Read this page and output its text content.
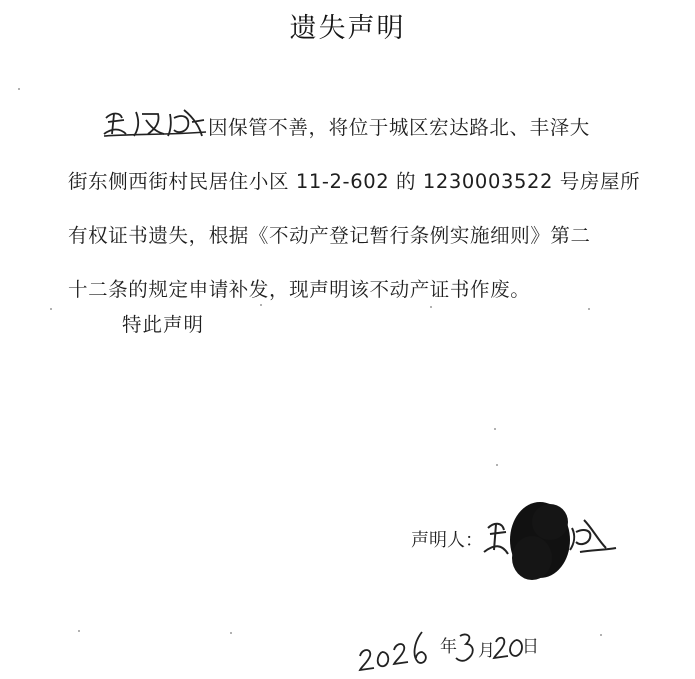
遗失声明
因保管不善，将位于城区宏达路北、丰泽大
街东侧西街村民居住小区 11-2-602 的 1230003522 号房屋所
有权证书遗失，根据《不动产登记暂行条例实施细则》第二
十二条的规定申请补发，现声明该不动产证书作废。
特此声明
声明人：
年 月 日
